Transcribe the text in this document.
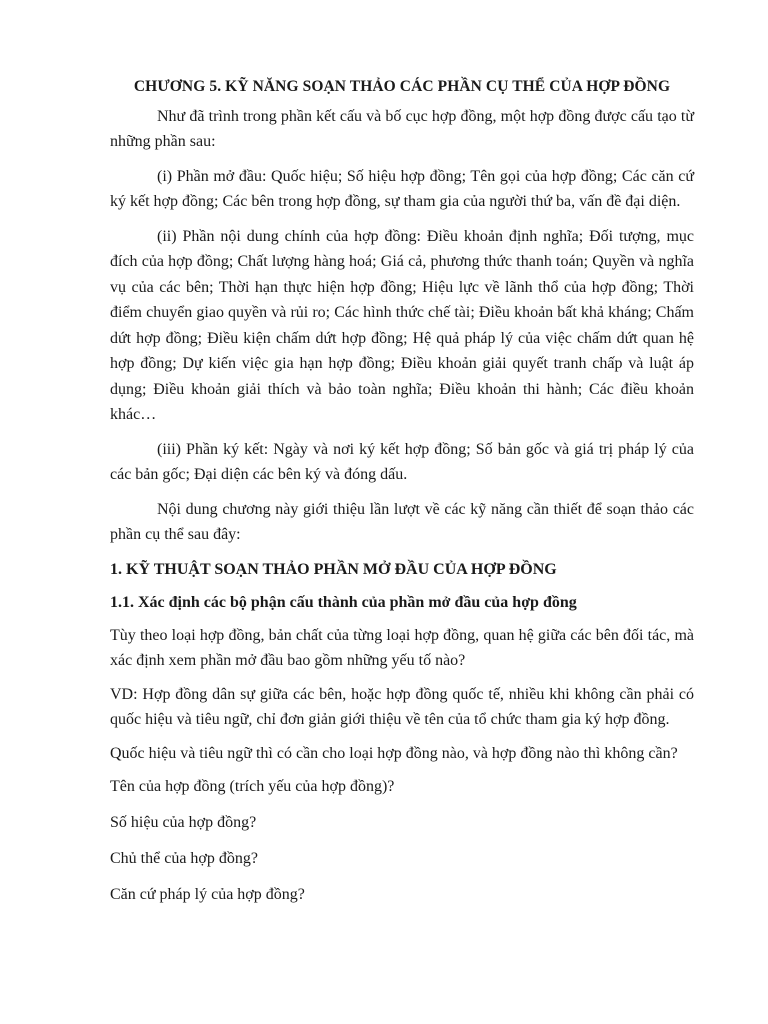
CHƯƠNG 5. KỸ NĂNG SOẠN THẢO CÁC PHẦN CỤ THỂ CỦA HỢP ĐỒNG
Như đã trình trong phần kết cấu và bố cục hợp đồng, một hợp đồng được cấu tạo từ những phần sau:
(i) Phần mở đầu: Quốc hiệu; Số hiệu hợp đồng; Tên gọi của hợp đồng; Các căn cứ ký kết hợp đồng; Các bên trong hợp đồng, sự tham gia của người thứ ba, vấn đề đại diện.
(ii) Phần nội dung chính của hợp đồng: Điều khoản định nghĩa; Đối tượng, mục đích của hợp đồng; Chất lượng hàng hoá; Giá cả, phương thức thanh toán; Quyền và nghĩa vụ của các bên; Thời hạn thực hiện hợp đồng; Hiệu lực về lãnh thổ của hợp đồng; Thời điểm chuyển giao quyền và rủi ro; Các hình thức chế tài; Điều khoản bất khả kháng; Chấm dứt hợp đồng; Điều kiện chấm dứt hợp đồng; Hệ quả pháp lý của việc chấm dứt quan hệ hợp đồng; Dự kiến việc gia hạn hợp đồng; Điều khoản giải quyết tranh chấp và luật áp dụng; Điều khoản giải thích và bảo toàn nghĩa; Điều khoản thi hành; Các điều khoản khác…
(iii) Phần ký kết: Ngày và nơi ký kết hợp đồng; Số bản gốc và giá trị pháp lý của các bản gốc; Đại diện các bên ký và đóng dấu.
Nội dung chương này giới thiệu lần lượt về các kỹ năng cần thiết để soạn thảo các phần cụ thể sau đây:
1. KỸ THUẬT SOẠN THẢO PHẦN MỞ ĐẦU CỦA HỢP ĐỒNG
1.1. Xác định các bộ phận cấu thành của phần mở đầu của hợp đồng
Tùy theo loại hợp đồng, bản chất của từng loại hợp đồng, quan hệ giữa các bên đối tác, mà xác định xem phần mở đầu bao gồm những yếu tố nào?
VD: Hợp đồng dân sự giữa các bên, hoặc hợp đồng quốc tế, nhiều khi không cần phải có quốc hiệu và tiêu ngữ, chỉ đơn giản giới thiệu về tên của tổ chức tham gia ký hợp đồng.
Quốc hiệu và tiêu ngữ thì có cần cho loại hợp đồng nào, và hợp đồng nào thì không cần?
Tên của hợp đồng (trích yếu của hợp đồng)?
Số hiệu của hợp đồng?
Chủ thể của hợp đồng?
Căn cứ pháp lý của hợp đồng?
